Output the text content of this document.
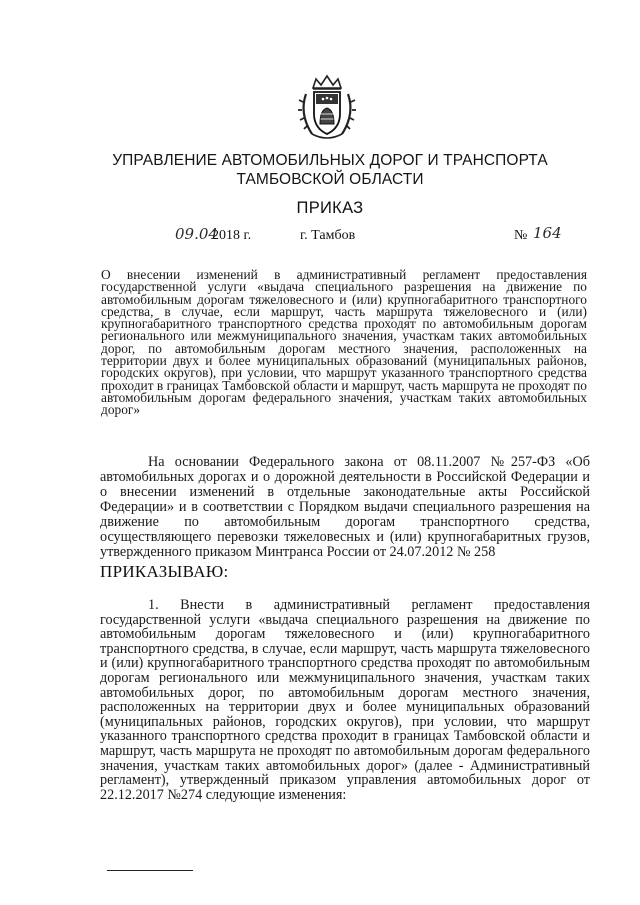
УПРАВЛЕНИЕ АВТОМОБИЛЬНЫХ ДОРОГ И ТРАНСПОРТА
ТАМБОВСКОЙ ОБЛАСТИ
ПРИКАЗ
09.04
2018 г.	г. Тамбов	№ 164
О внесении изменений в административный регламент предоставления государственной услуги «выдача специального разрешения на движение по автомобильным дорогам тяжеловесного и (или) крупногабаритного транспортного средства, в случае, если маршрут, часть маршрута тяжеловесного и (или) крупногабаритного транспортного средства проходят по автомобильным дорогам регионального или межмуниципального значения, участкам таких автомобильных дорог, по автомобильным дорогам местного значения, расположенных на территории двух и более муниципальных образований (муниципальных районов, городских округов), при условии, что маршрут указанного транспортного средства проходит в границах Тамбовской области и маршрут, часть маршрута не проходят по автомобильным дорогам федерального значения, участкам таких автомобильных дорог»
На основании Федерального закона от 08.11.2007 №257-ФЗ «Об автомобильных дорогах и о дорожной деятельности в Российской Федерации и о внесении изменений в отдельные законодательные акты Российской Федерации» и в соответствии с Порядком выдачи специального разрешения на движение по автомобильным дорогам транспортного средства, осуществляющего перевозки тяжеловесных и (или) крупногабаритных грузов, утвержденного приказом Минтранса России от 24.07.2012 № 258
ПРИКАЗЫВАЮ:
1. Внести в административный регламент предоставления государственной услуги «выдача специального разрешения на движение по автомобильным дорогам тяжеловесного и (или) крупногабаритного транспортного средства, в случае, если маршрут, часть маршрута тяжеловесного и (или) крупногабаритного транспортного средства проходят по автомобильным дорогам регионального или межмуниципального значения, участкам таких автомобильных дорог, по автомобильным дорогам местного значения, расположенных на территории двух и более муниципальных образований (муниципальных районов, городских округов), при условии, что маршрут указанного транспортного средства проходит в границах Тамбовской области и маршрут, часть маршрута не проходят по автомобильным дорогам федерального значения, участкам таких автомобильных дорог» (далее - Административный регламент), утвержденный приказом управления автомобильных дорог от 22.12.2017 №274 следующие изменения:
